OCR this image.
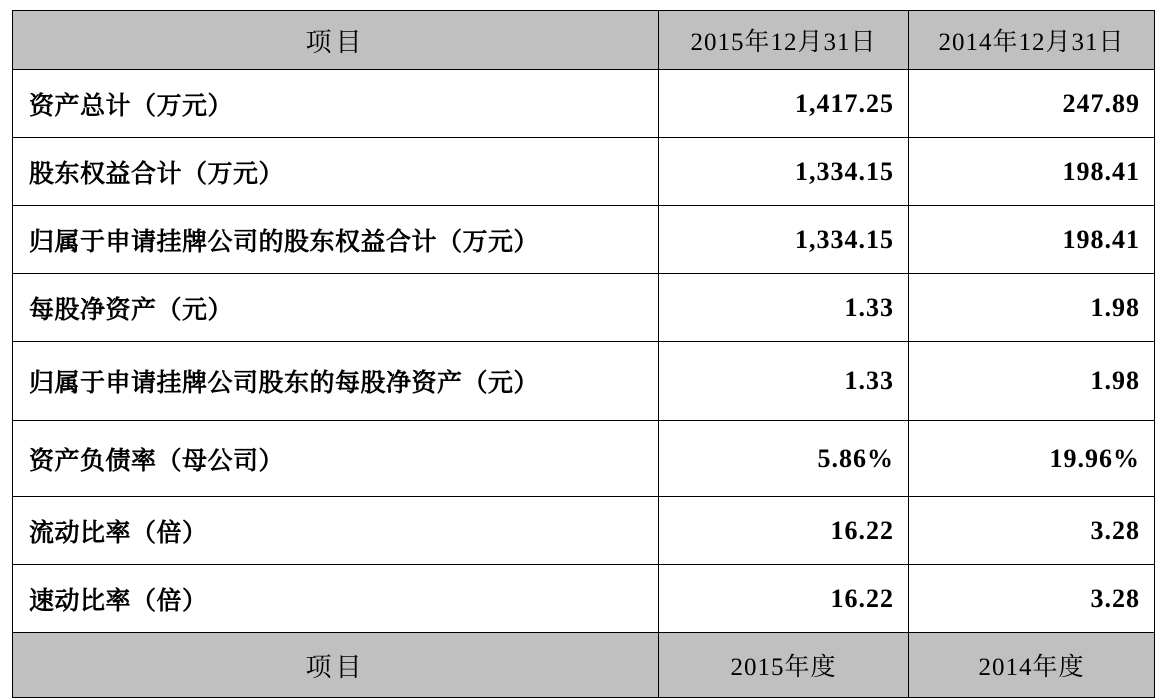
项目	2015年12月31日	2014年12月31日
资产总计（万元）	1,417.25	247.89
股东权益合计（万元）	1,334.15	198.41
归属于申请挂牌公司的股东权益合计（万元）	1,334.15	198.41
每股净资产（元）	1.33	1.98
归属于申请挂牌公司股东的每股净资产（元）	1.33	1.98
资产负债率（母公司）	5.86%	19.96%
流动比率（倍）	16.22	3.28
速动比率（倍）	16.22	3.28
项目	2015年度	2014年度
